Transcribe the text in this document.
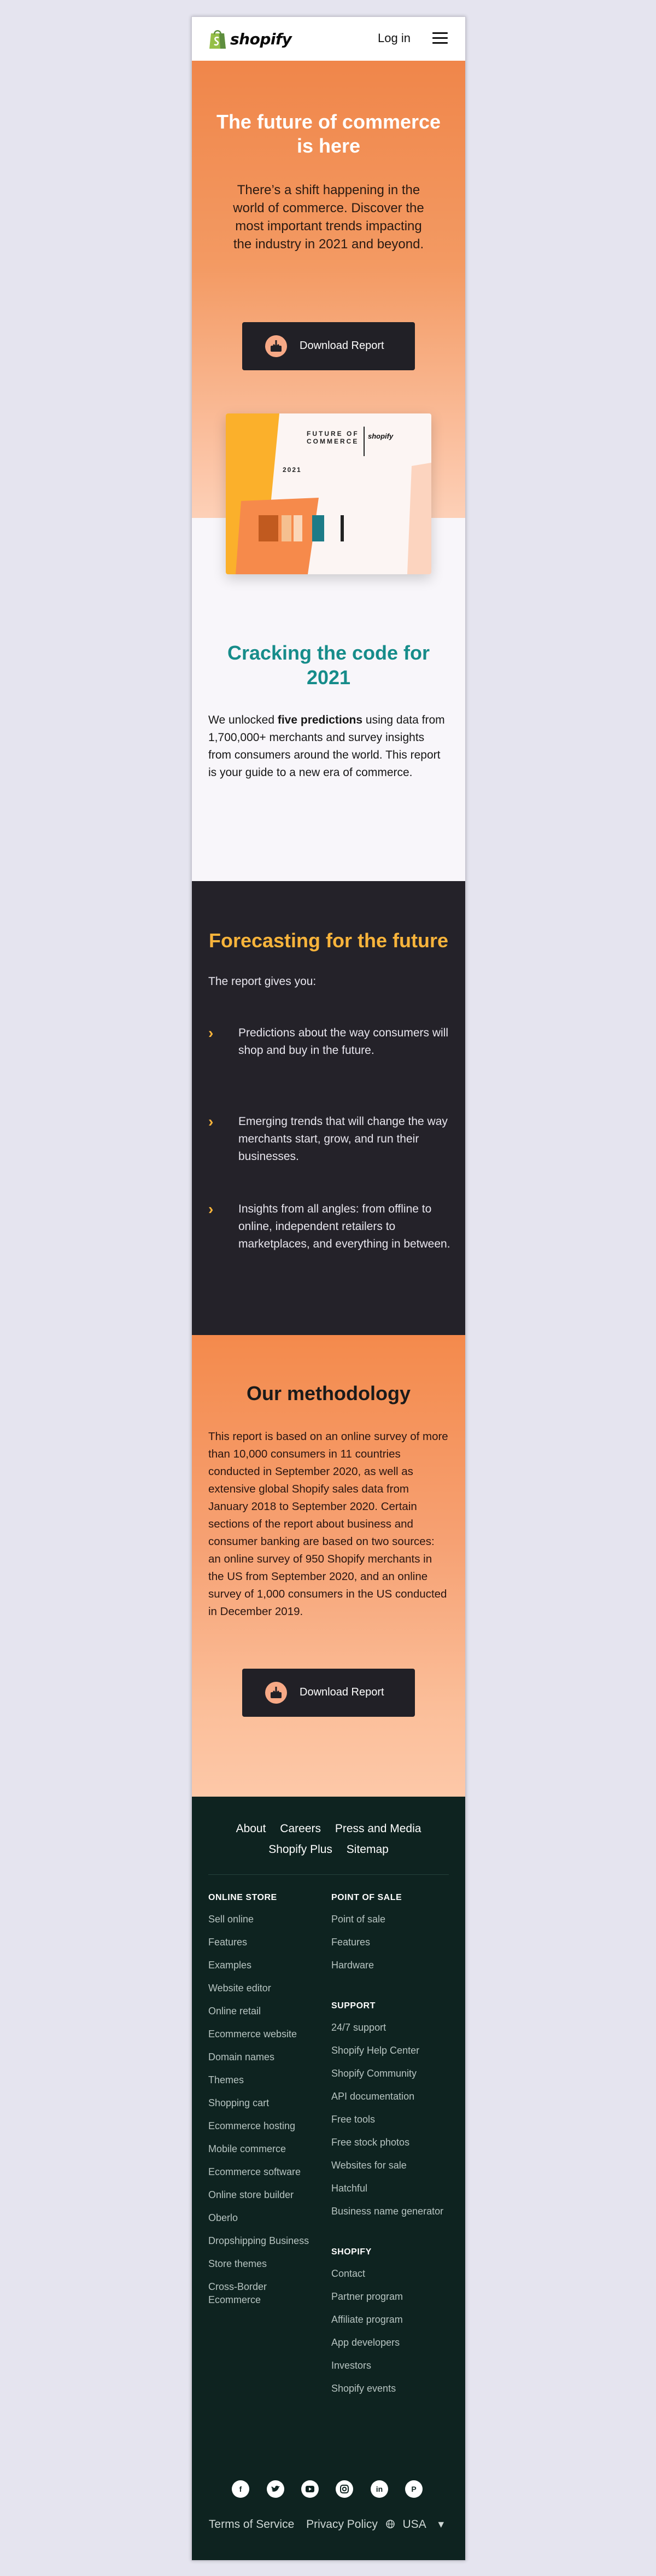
shopify	Log in
The future of commerce is here
There’s a shift happening in the world of commerce. Discover the most important trends impacting the industry in 2021 and beyond.
Download Report
FUTURE OF
COMMERCE
shopify
2021
Cracking the code for 2021
We unlocked five predictions using data from 1,700,000+ merchants and survey insights from consumers around the world. This report is your guide to a new era of commerce.
Forecasting for the future
The report gives you:
› Predictions about the way consumers will shop and buy in the future.
› Emerging trends that will change the way merchants start, grow, and run their businesses.
› Insights from all angles: from offline to online, independent retailers to marketplaces, and everything in between.
Our methodology
This report is based on an online survey of more than 10,000 consumers in 11 countries conducted in September 2020, as well as extensive global Shopify sales data from January 2018 to September 2020. Certain sections of the report about business and consumer banking are based on two sources: an online survey of 950 Shopify merchants in the US from September 2020, and an online survey of 1,000 consumers in the US conducted in December 2019.
Download Report
About Careers Press and Media
Shopify Plus Sitemap
ONLINE STORE
Sell online
Features
Examples
Website editor
Online retail
Ecommerce website
Domain names
Themes
Shopping cart
Ecommerce hosting
Mobile commerce
Ecommerce software
Online store builder
Oberlo
Dropshipping Business
Store themes
Cross-Border Ecommerce
POINT OF SALE
Point of sale
Features
Hardware
SUPPORT
24/7 support
Shopify Help Center
Shopify Community
API documentation
Free tools
Free stock photos
Websites for sale
Hatchful
Business name generator
SHOPIFY
Contact
Partner program
Affiliate program
App developers
Investors
Shopify events
f	in	P
Terms of Service Privacy Policy USA ▾
